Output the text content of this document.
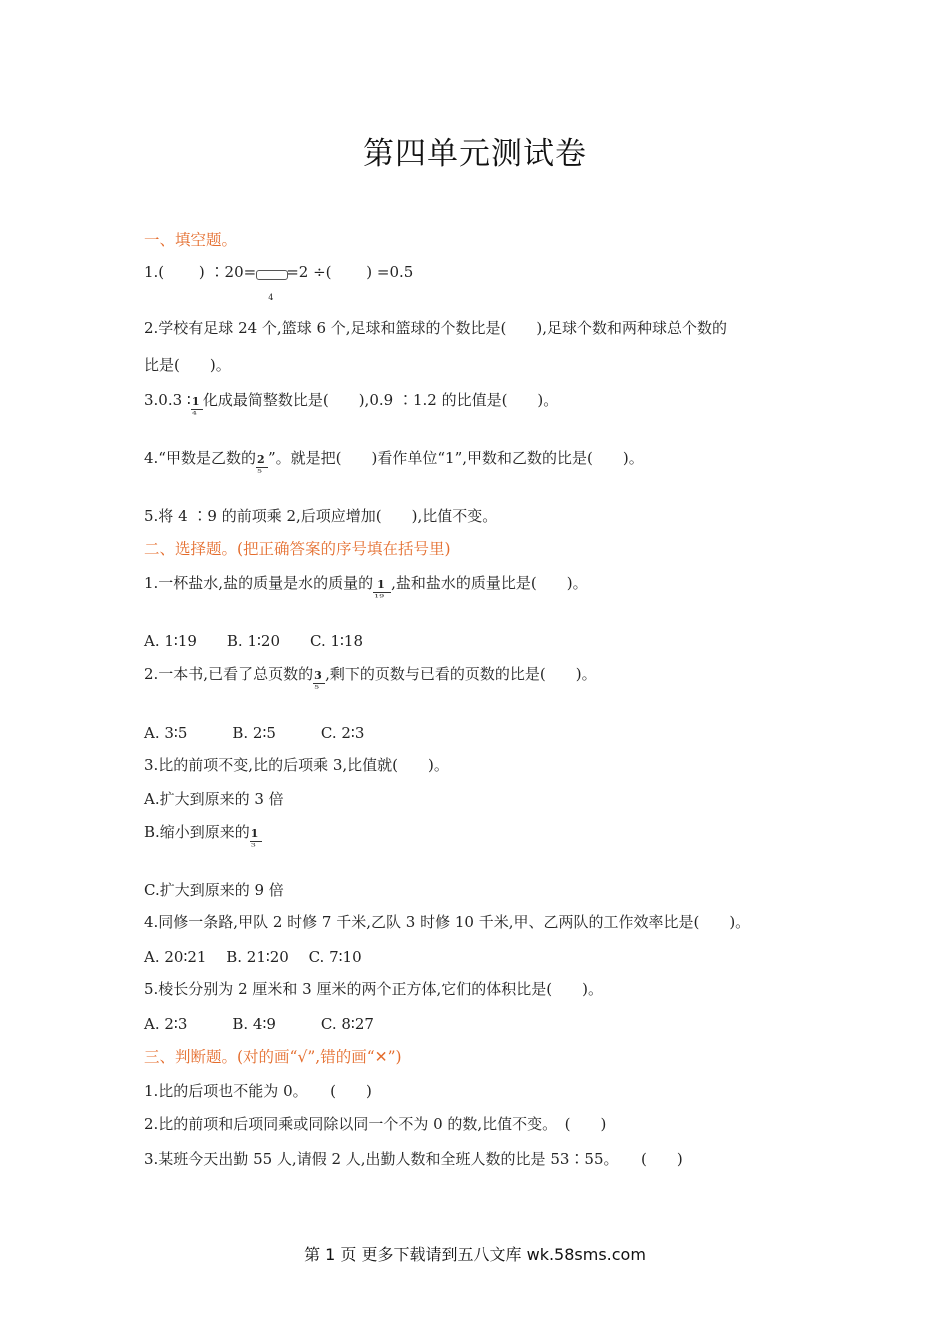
第四单元测试卷
一、填空题。
1.(　　 ) ∶20=
4
=2 ÷(　　 ) =0.5
2.学校有足球 24 个,篮球 6 个,足球和篮球的个数比是(　　),足球个数和两种球总个数的
比是(　　)。
3.0.3 ∶ $\frac{1}{4}$ 化成最简整数比是(　　),0.9 ∶1.2 的比值是(　　)。
4.“甲数是乙数的 $\frac{2}{5}$ ”。就是把(　　)看作单位“1”,甲数和乙数的比是(　　)。
5.将 4 ∶9 的前项乘 2,后项应增加(　　),比值不变。
二、选择题。(把正确答案的序号填在括号里)
1.一杯盐水,盐的质量是水的质量的 $\frac{1}{19}$ ,盐和盐水的质量比是(　　)。
A. 1∶19　　B. 1∶20　　C. 1∶18
2.一本书,已看了总页数的 $\frac{3}{5}$ ,剩下的页数与已看的页数的比是(　　)。
A. 3∶5　　　B. 2∶5　　　C. 2∶3
3.比的前项不变,比的后项乘 3,比值就(　　)。
A.扩大到原来的 3 倍
B.缩小到原来的 $\frac{1}{3}$
C.扩大到原来的 9 倍
4.同修一条路,甲队 2 时修 7 千米,乙队 3 时修 10 千米,甲、乙两队的工作效率比是(　　)。
A. 20∶21　 B. 21∶20　 C. 7∶10
5.棱长分别为 2 厘米和 3 厘米的两个正方体,它们的体积比是(　　)。
A. 2∶3　　　B. 4∶9　　　C. 8∶27
三、判断题。(对的画“√”,错的画“✕”)
1.比的后项也不能为 0。　　(　　)
2.比的前项和后项同乘或同除以同一个不为 0 的数,比值不变。　(　　)
3.某班今天出勤 55 人,请假 2 人,出勤人数和全班人数的比是 53∶55。　　(　　)
第 1 页 更多下载请到五八文库 wk.58sms.com
